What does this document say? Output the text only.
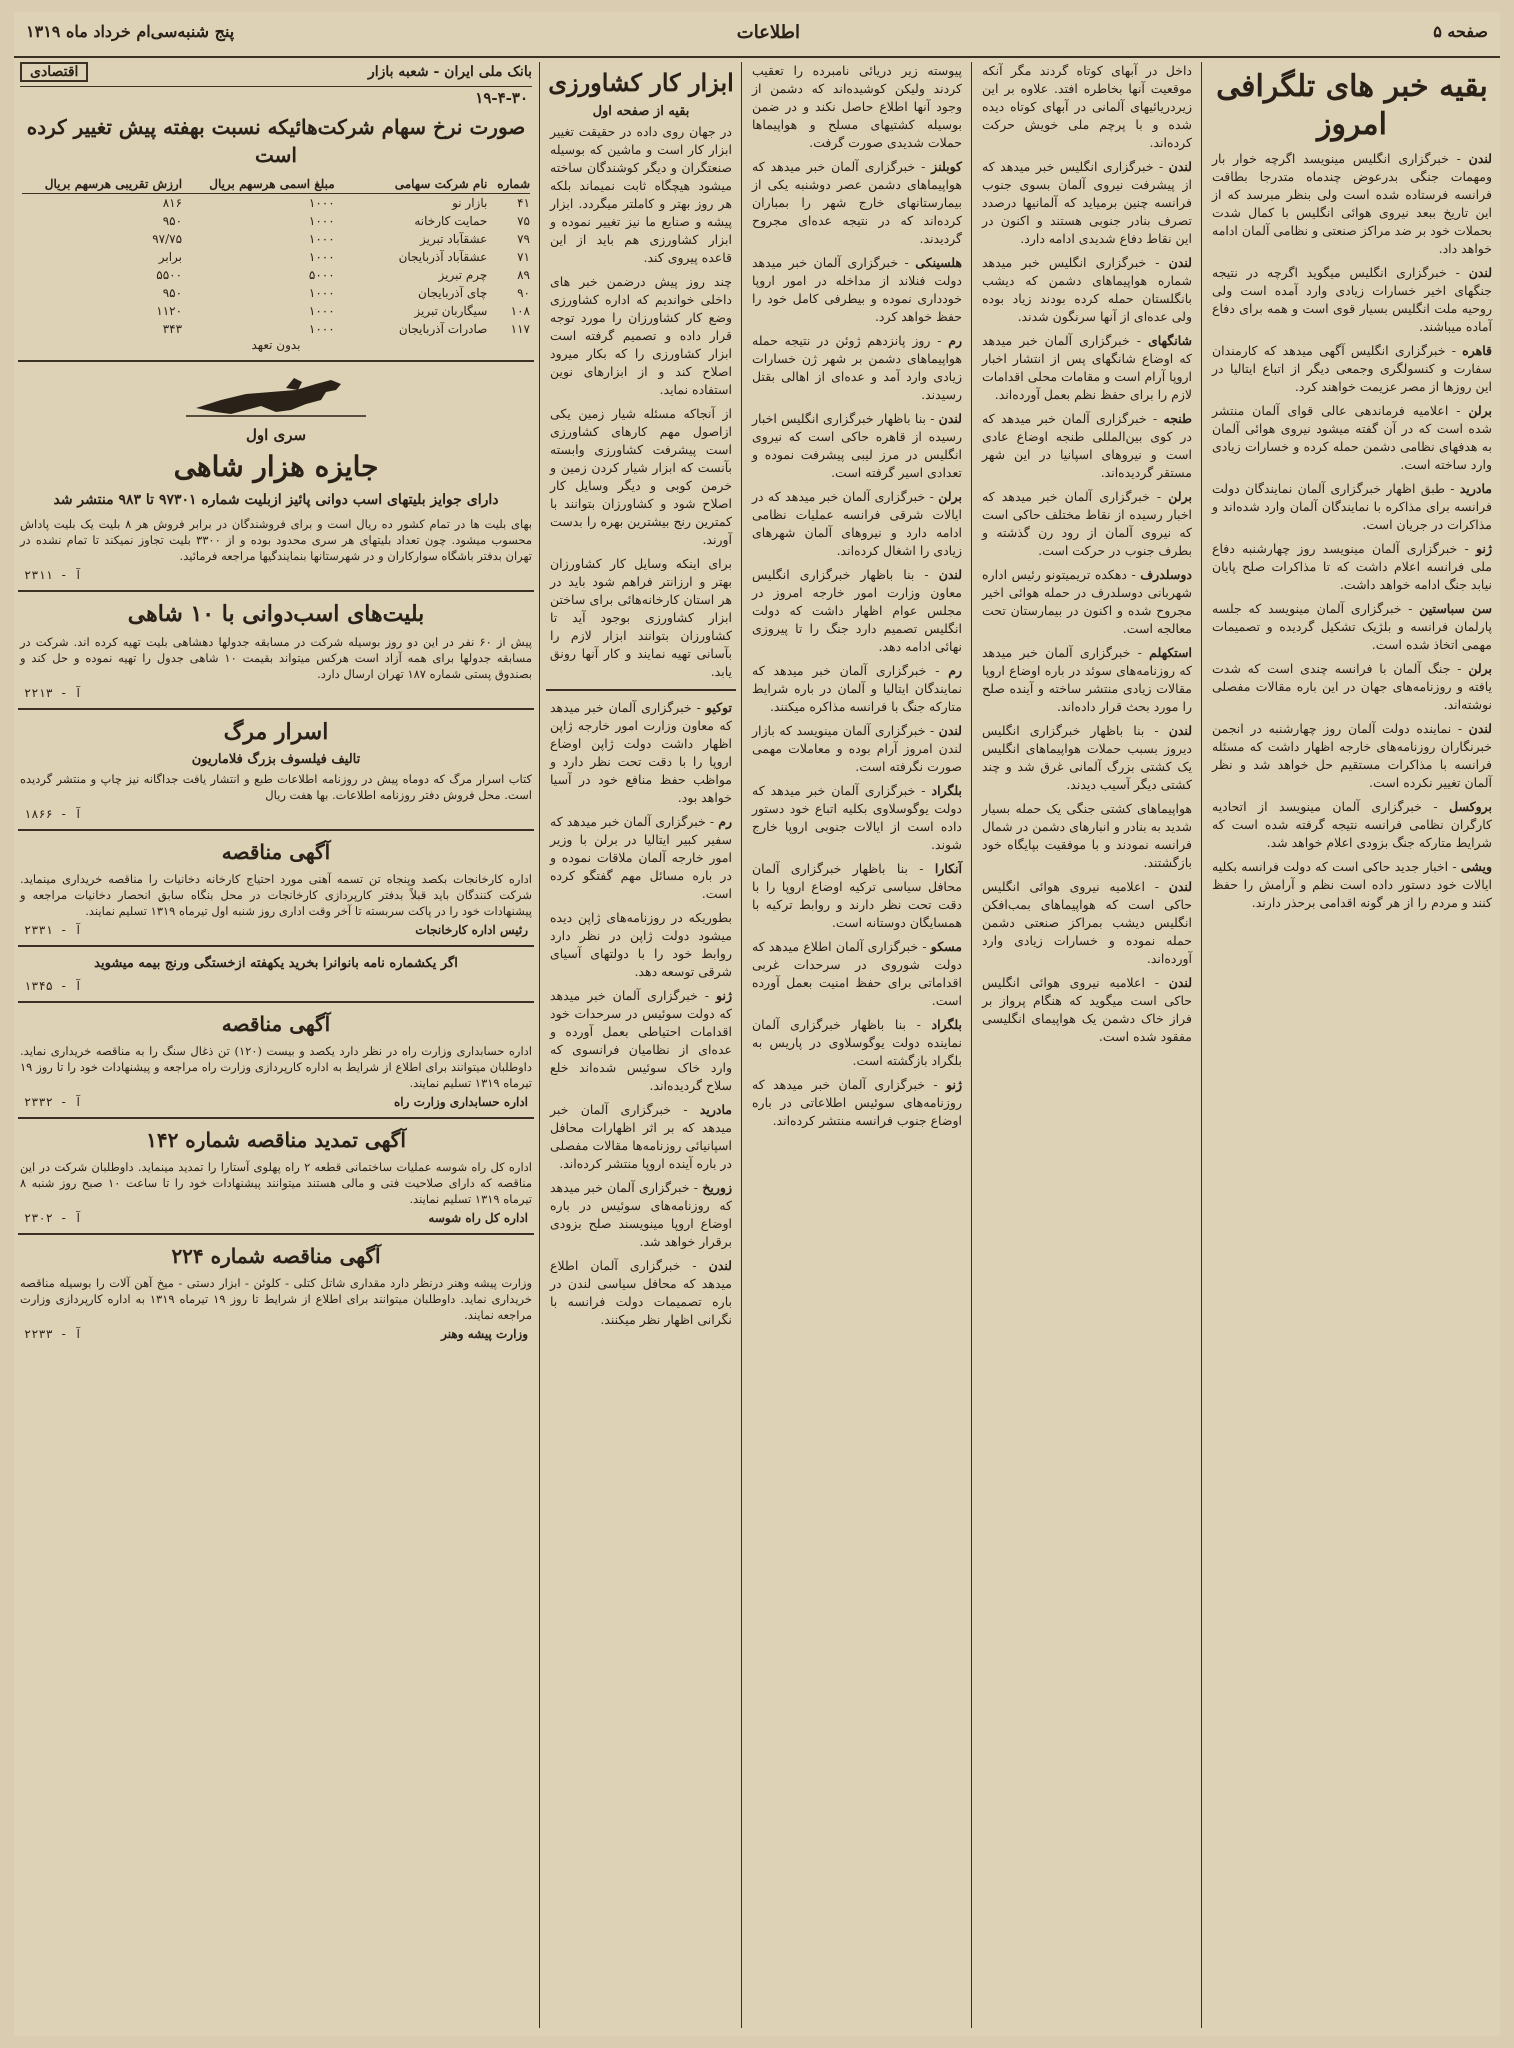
صفحه ۵
اطلاعات
پنج شنبه‌سی‌ام خرداد ماه ۱۳۱۹
بقیه خبر های تلگرافی امروز

لندن - خبرگزاری انگلیس مینویسد اگرچه خوار بار ومهمات جنگی بدرعوض چندماه متدرجا بطاقت فرانسه فرستاده شده است ولی بنظر مبرسد که از این تاریخ ببعد نیروی هوائی انگلیس با کمال شدت بحملات خود بر ضد مراکز صنعتی و نظامی آلمان ادامه خواهد داد.

لندن - خبرگزاری انگلیس میگوید اگرچه در نتیجه جنگهای اخیر خسارات زیادی وارد آمده است ولی روحیه ملت انگلیس بسیار قوی است و همه برای دفاع آماده میباشند.

قاهره - خبرگزاری انگلیس آگهی میدهد که کارمندان سفارت و کنسولگری وجمعی دیگر از اتباع ایتالیا در این روزها از مصر عزیمت خواهند کرد.

برلن - اعلامیه فرماندهی عالی قوای آلمان منتشر شده است که در آن گفته میشود نیروی هوائی آلمان به هدفهای نظامی دشمن حمله کرده و خسارات زیادی وارد ساخته است.

مادرید - طبق اظهار خبرگزاری آلمان نمایندگان دولت فرانسه برای مذاکره با نمایندگان آلمان وارد شده‌اند و مذاکرات در جریان است.

ژنو - خبرگزاری آلمان مینویسد روز چهارشنبه دفاع ملی فرانسه اعلام داشت که تا مذاکرات صلح پایان نیابد جنگ ادامه خواهد داشت.

سن سباستین - خبرگزاری آلمان مینویسد که جلسه پارلمان فرانسه و بلژیک تشکیل گردیده و تصمیمات مهمی اتخاذ شده است.

برلن - جنگ آلمان با فرانسه چندی است که شدت یافته و روزنامه‌های جهان در این باره مقالات مفصلی نوشته‌اند.

لندن - نماینده دولت آلمان روز چهارشنبه در انجمن خبرنگاران روزنامه‌های خارجه اظهار داشت که مسئله فرانسه با مذاکرات مستقیم حل خواهد شد و نظر آلمان تغییر نکرده است.

بروکسل - خبرگزاری آلمان مینویسد از اتحادیه کارگران نظامی فرانسه نتیجه گرفته شده است که شرایط متارکه جنگ بزودی اعلام خواهد شد.

ویشی - اخبار جدید حاکی است که دولت فرانسه بکلیه ایالات خود دستور داده است نظم و آرامش را حفظ کنند و مردم را از هر گونه اقدامی برحذر دارند.

داخل در آبهای کوتاه گردند مگر آنکه موقعیت آنها بخاطره افتد. علاوه بر این زیردریائیهای آلمانی در آبهای کوتاه دیده شده و با پرچم ملی خویش حرکت کرده‌اند.

لندن - خبرگزاری انگلیس خبر میدهد که از پیشرفت نیروی آلمان بسوی جنوب فرانسه چنین برمیاید که آلمانیها درصدد تصرف بنادر جنوبی هستند و اکنون در این نقاط دفاع شدیدی ادامه دارد.

لندن - خبرگزاری انگلیس خبر میدهد شماره هواپیماهای دشمن که دیشب بانگلستان حمله کرده بودند زیاد بوده ولی عده‌ای از آنها سرنگون شدند.

شانگهای - خبرگزاری آلمان خبر میدهد که اوضاع شانگهای پس از انتشار اخبار اروپا آرام است و مقامات محلی اقدامات لازم را برای حفظ نظم بعمل آورده‌اند.

طنجه - خبرگزاری آلمان خبر میدهد که در کوی بین‌المللی طنجه اوضاع عادی است و نیروهای اسپانیا در این شهر مستقر گردیده‌اند.

برلن - خبرگزاری آلمان خبر میدهد که اخبار رسیده از نقاط مختلف حاکی است که نیروی آلمان از رود رن گذشته و بطرف جنوب در حرکت است.

دوسلدرف - دهکده تریمیتونو رئیس اداره شهربانی دوسلدرف در حمله هوائی اخیر مجروح شده و اکنون در بیمارستان تحت معالجه است.

استکهلم - خبرگزاری آلمان خبر میدهد که روزنامه‌های سوئد در باره اوضاع اروپا مقالات زیادی منتشر ساخته و آینده صلح را مورد بحث قرار داده‌اند.

لندن - بنا باظهار خبرگزاری انگلیس دیروز بسبب حملات هواپیماهای انگلیس یک کشتی بزرگ آلمانی غرق شد و چند کشتی دیگر آسیب دیدند.

هواپیماهای کشتی جنگی یک حمله بسیار شدید به بنادر و انبارهای دشمن در شمال فرانسه نمودند و با موفقیت بپایگاه خود بازگشتند.

لندن - اعلامیه نیروی هوائی انگلیس حاکی است که هواپیماهای بمب‌افکن انگلیس دیشب بمراکز صنعتی دشمن حمله نموده و خسارات زیادی وارد آورده‌اند.

لندن - اعلامیه نیروی هوائی انگلیس حاکی است میگوید که هنگام پرواز بر فراز خاک دشمن یک هواپیمای انگلیسی مفقود شده است.

پیوسته زیر دریائی نامبرده را تعقیب کردند ولیکن کوشیده‌اند که دشمن از وجود آنها اطلاع حاصل نکند و در ضمن بوسیله کشتیهای مسلح و هواپیماها حملات شدیدی صورت گرفت.

کوبلنز - خبرگزاری آلمان خبر میدهد که هواپیماهای دشمن عصر دوشنبه یکی از بیمارستانهای خارج شهر را بمباران کرده‌اند که در نتیجه عده‌ای مجروح گردیدند.

هلسینکی - خبرگزاری آلمان خبر میدهد دولت فنلاند از مداخله در امور اروپا خودداری نموده و بیطرفی کامل خود را حفظ خواهد کرد.

رم - روز پانزدهم ژوئن در نتیجه حمله هواپیماهای دشمن بر شهر ژن خسارات زیادی وارد آمد و عده‌ای از اهالی بقتل رسیدند.

لندن - بنا باظهار خبرگزاری انگلیس اخبار رسیده از قاهره حاکی است که نیروی انگلیس در مرز لیبی پیشرفت نموده و تعدادی اسیر گرفته است.

برلن - خبرگزاری آلمان خبر میدهد که در ایالات شرقی فرانسه عملیات نظامی ادامه دارد و نیروهای آلمان شهرهای زیادی را اشغال کرده‌اند.

لندن - بنا باظهار خبرگزاری انگلیس معاون وزارت امور خارجه امروز در مجلس عوام اظهار داشت که دولت انگلیس تصمیم دارد جنگ را تا پیروزی نهائی ادامه دهد.

رم - خبرگزاری آلمان خبر میدهد که نمایندگان ایتالیا و آلمان در باره شرایط متارکه جنگ با فرانسه مذاکره میکنند.

لندن - خبرگزاری آلمان مینویسد که بازار لندن امروز آرام بوده و معاملات مهمی صورت نگرفته است.

بلگراد - خبرگزاری آلمان خبر میدهد که دولت یوگوسلاوی بکلیه اتباع خود دستور داده است از ایالات جنوبی اروپا خارج شوند.

آنکارا - بنا باظهار خبرگزاری آلمان محافل سیاسی ترکیه اوضاع اروپا را با دقت تحت نظر دارند و روابط ترکیه با همسایگان دوستانه است.

مسکو - خبرگزاری آلمان اطلاع میدهد که دولت شوروی در سرحدات غربی اقداماتی برای حفظ امنیت بعمل آورده است.

بلگراد - بنا باظهار خبرگزاری آلمان نماینده دولت یوگوسلاوی در پاریس به بلگراد بازگشته است.

ژنو - خبرگزاری آلمان خبر میدهد که روزنامه‌های سوئیس اطلاعاتی در باره اوضاع جنوب فرانسه منتشر کرده‌اند.

ابزار کار کشاورزی
بقیه از صفحه اول

در جهان روی داده در حقیقت تغییر ابزار کار است و ماشین که بوسیله صنعتگران و دیگر کوشندگان ساخته میشود هیچگاه ثابت نمیماند بلکه هر روز بهتر و کاملتر میگردد. ابزار پیشه و صنایع ما نیز تغییر نموده و ابزار کشاورزی هم باید از این قاعده پیروی کند.

چند روز پیش درضمن خبر های داخلی خواندیم که اداره کشاورزی وضع کار کشاورزان را مورد توجه قرار داده و تصمیم گرفته است ابزار کشاورزی را که بکار میرود اصلاح کند و از ابزارهای نوین استفاده نماید.

از آنجاکه مسئله شیار زمین یکی ازاصول مهم کارهای کشاورزی است پیشرفت کشاورزی وابسته بآنست که ابزار شیار کردن زمین و خرمن کوبی و دیگر وسایل کار اصلاح شود و کشاورزان بتوانند با کمترین رنج بیشترین بهره را بدست آورند.

برای اینکه وسایل کار کشاورزان بهتر و ارزانتر فراهم شود باید در هر استان کارخانه‌هائی برای ساختن ابزار کشاورزی بوجود آید تا کشاورزان بتوانند ابزار لازم را بآسانی تهیه نمایند و کار آنها رونق یابد.

توکیو - خبرگزاری آلمان خبر میدهد که معاون وزارت امور خارجه ژاپن اظهار داشت دولت ژاپن اوضاع اروپا را با دقت تحت نظر دارد و مواظب حفظ منافع خود در آسیا خواهد بود.

رم - خبرگزاری آلمان خبر میدهد که سفیر کبیر ایتالیا در برلن با وزیر امور خارجه آلمان ملاقات نموده و در باره مسائل مهم گفتگو کرده است.

بطوریکه در روزنامه‌های ژاپن دیده میشود دولت ژاپن در نظر دارد روابط خود را با دولتهای آسیای شرقی توسعه دهد.

ژنو - خبرگزاری آلمان خبر میدهد که دولت سوئیس در سرحدات خود اقدامات احتیاطی بعمل آورده و عده‌ای از نظامیان فرانسوی که وارد خاک سوئیس شده‌اند خلع سلاح گردیده‌اند.

مادرید - خبرگزاری آلمان خبر میدهد که بر اثر اظهارات محافل اسپانیائی روزنامه‌ها مقالات مفصلی در باره آینده اروپا منتشر کرده‌اند.

زوریخ - خبرگزاری آلمان خبر میدهد که روزنامه‌های سوئیس در باره اوضاع اروپا مینویسند صلح بزودی برقرار خواهد شد.

لندن - خبرگزاری آلمان اطلاع میدهد که محافل سیاسی لندن در باره تصمیمات دولت فرانسه با نگرانی اظهار نظر میکنند.

بانک ملی ایران - شعبه بازار
اقتصادی
۱۹-۴-۳۰
صورت نرخ سهام شرکت‌هائیکه نسبت بهفته پیش تغییر کرده است
شماره
نام شرکت سهامی
مبلغ اسمی هرسهم بریال
ارزش تقریبی هرسهم بریال
۴۱
بازار نو
۱۰۰۰
۸۱۶
۷۵
حمایت کارخانه
۱۰۰۰
۹۵۰
۷۹
عشقآباد تبریز
۱۰۰۰
۹۷/۷۵
۷۱
عشقآباد آذربایجان
۱۰۰۰
برابر
۸۹
چرم تبریز
۵۰۰۰
۵۵۰۰
۹۰
چای آذربایجان
۱۰۰۰
۹۵۰
۱۰۸
سیگاربان تبریز
۱۰۰۰
۱۱۲۰
۱۱۷
صادرات آذربایجان
۱۰۰۰
۳۴۳
بدون تعهد
سری اول
جایزه هزار شاهی
دارای جوایز بلیتهای اسب دوانی پائیز ازبلیت شماره ۹۷۳۰۱ تا ۹۸۳ منتشر شد
بهای بلیت ها در تمام کشور ده ریال است و برای فروشندگان در برابر فروش هر ۸ بلیت یک بلیت پاداش محسوب میشود. چون تعداد بلیتهای هر سری محدود بوده و از ۳۳۰۰ بلیت تجاوز نمیکند تا تمام نشده در تهران بدفتر باشگاه سوارکاران و در شهرستانها بنمایندگیها مراجعه فرمائید.
آ - ۲۳۱۱
بلیت‌های اسب‌دوانی با ۱۰ شاهی
پیش از ۶۰ نفر در این دو روز بوسیله شرکت در مسابقه جدولها دهشاهی بلیت تهیه کرده اند. شرکت در مسابقه جدولها برای همه آزاد است هرکس میتواند بقیمت ۱۰ شاهی جدول را تهیه نموده و حل کند و بصندوق پستی شماره ۱۸۷ تهران ارسال دارد.
آ - ۲۲۱۳
اسرار مرگ
تالیف فیلسوف بزرگ فلاماریون
کتاب اسرار مرگ که دوماه پیش در روزنامه اطلاعات طبع و انتشار یافت جداگانه نیز چاپ و منتشر گردیده است. محل فروش دفتر روزنامه اطلاعات. بها هفت ریال
آ - ۱۸۶۶
آگهی مناقصه
اداره کارخانجات بکصد وپنجاه تن تسمه آهنی مورد احتیاج کارخانه دخانیات را مناقصه خریداری مینماید. شرکت کنندگان باید قبلاً بدفتر کارپردازی کارخانجات در محل بنگاه سابق انحصار دخانیات مراجعه و پیشنهادات خود را در پاکت سربسته تا آخر وقت اداری روز شنبه اول تیرماه ۱۳۱۹ تسلیم نمایند.
رئیس اداره کارخانجات
آ - ۲۳۳۱
اگر یکشماره نامه بانوانرا بخرید یکهفته ازخستگی ورنج بیمه میشوید
آ - ۱۳۴۵
آگهی مناقصه
اداره حسابداری وزارت راه در نظر دارد یکصد و بیست (۱۲۰) تن ذغال سنگ را به مناقصه خریداری نماید. داوطلبان میتوانند برای اطلاع از شرایط به اداره کارپردازی وزارت راه مراجعه و پیشنهادات خود را تا روز ۱۹ تیرماه ۱۳۱۹ تسلیم نمایند.
اداره حسابداری وزارت راه
آ - ۲۳۳۲
آگهی تمدید مناقصه شماره ۱۴۲
اداره کل راه شوسه عملیات ساختمانی قطعه ۲ راه پهلوی آستارا را تمدید مینماید. داوطلبان شرکت در این مناقصه که دارای صلاحیت فنی و مالی هستند میتوانند پیشنهادات خود را تا ساعت ۱۰ صبح روز شنبه ۸ تیرماه ۱۳۱۹ تسلیم نمایند.
اداره کل راه شوسه
آ - ۲۳۰۲
آگهی مناقصه شماره ۲۲۴
وزارت پیشه وهنر درنظر دارد مقداری شاتل کتلی - کلوئن - ابزار دستی - میخ آهن آلات را بوسیله مناقصه خریداری نماید. داوطلبان میتوانند برای اطلاع از شرایط تا روز ۱۹ تیرماه ۱۳۱۹ به اداره کارپردازی وزارت مراجعه نمایند.
وزارت پیشه وهنر
آ - ۲۲۳۳
